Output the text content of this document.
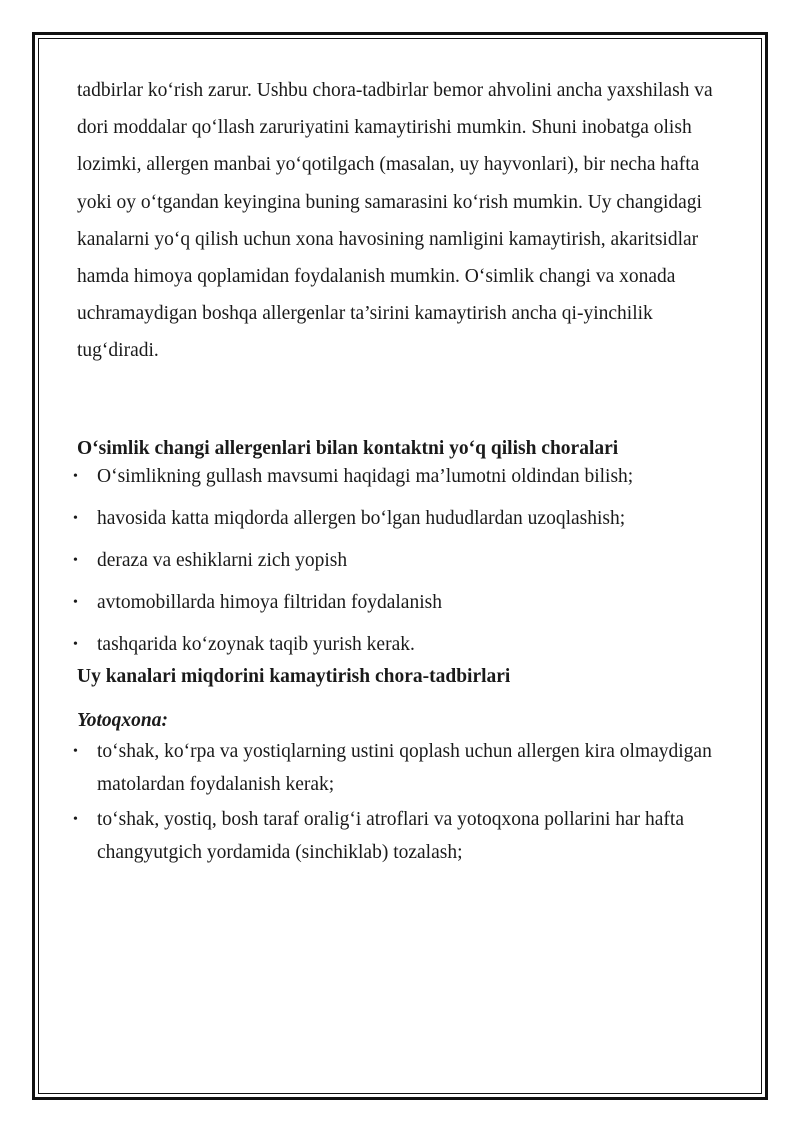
tadbirlar ko‘rish zarur. Ushbu chora-tadbirlar bemor ahvolini ancha yaxshilash va dori moddalar qo‘llash zaruriyatini kamaytirishi mumkin. Shuni inobatga olish lozimki, allergen manbai yo‘qotilgach (masalan, uy hayvonlari), bir necha hafta yoki oy o‘tgandan keyingina buning samarasini ko‘rish mumkin. Uy changidagi kanalarni yo‘q qilish uchun xona havosining namligini kamaytirish, akaritsidlar hamda himoya qoplamidan foydalanish mumkin. O‘simlik changi va xonada uchramaydigan boshqa allergenlar ta’sirini kamaytirish ancha qi-yinchilik tug‘diradi.

O‘simlik changi allergenlari bilan kontaktni yo‘q qilish choralari

• O‘simlikning gullash mavsumi haqidagi ma’lumotni oldindan bilish;
• havosida katta miqdorda allergen bo‘lgan hududlardan uzoqlashish;
• deraza va eshiklarni zich yopish
• avtomobillarda himoya filtridan foydalanish
• tashqarida ko‘zoynak taqib yurish kerak.

Uy kanalari miqdorini kamaytirish chora-tadbirlari

Yotoqxona:

• to‘shak, ko‘rpa va yostiqlarning ustini qoplash uchun allergen kira olmaydigan matolardan foydalanish kerak;
• to‘shak, yostiq, bosh taraf oralig‘i atroflari va yotoqxona pollarini har hafta changyutgich yordamida (sinchiklab) tozalash;
